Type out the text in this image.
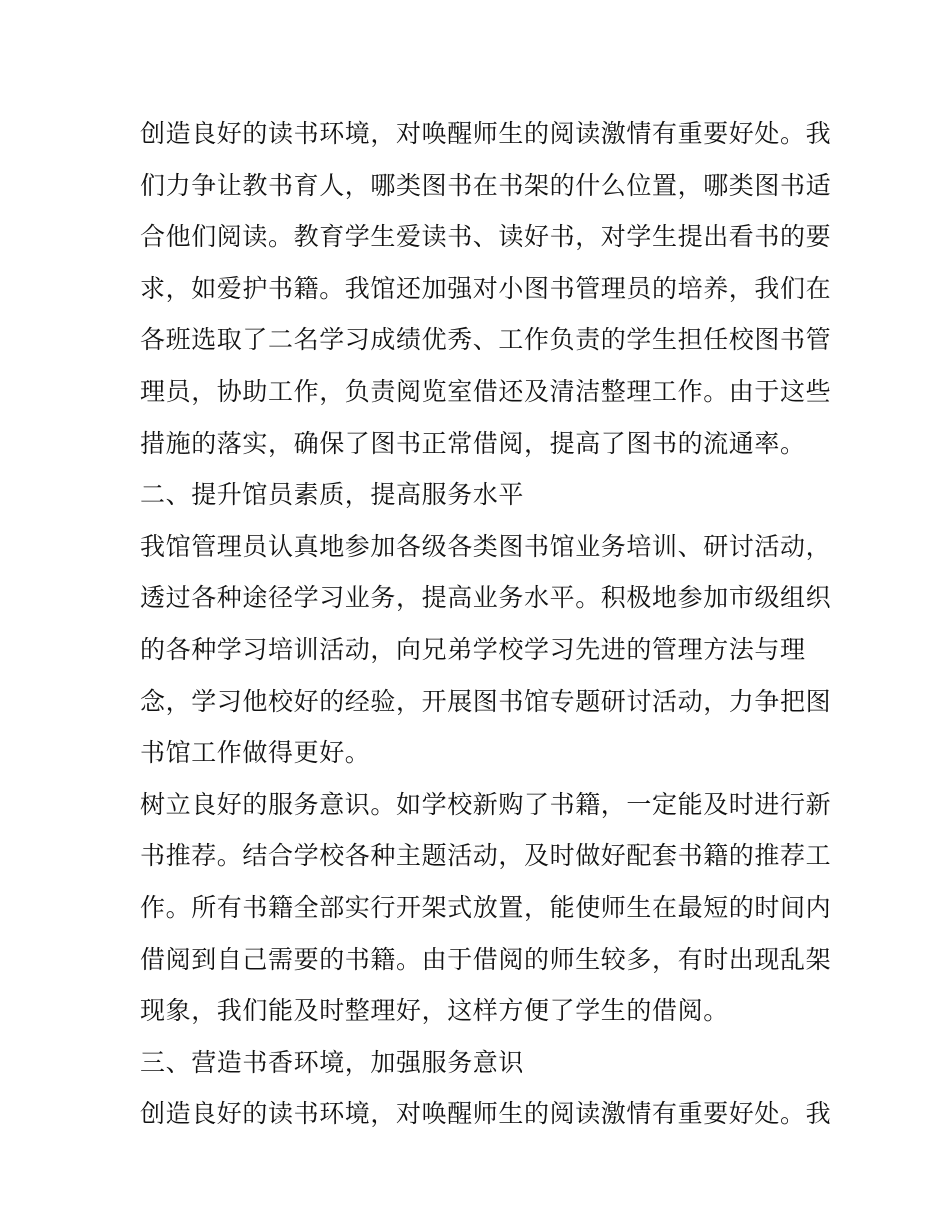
创造良好的读书环境，对唤醒师生的阅读激情有重要好处。我
们力争让教书育人，哪类图书在书架的什么位置，哪类图书适
合他们阅读。教育学生爱读书、读好书，对学生提出看书的要
求，如爱护书籍。我馆还加强对小图书管理员的培养，我们在
各班选取了二名学习成绩优秀、工作负责的学生担任校图书管
理员，协助工作，负责阅览室借还及清洁整理工作。由于这些
措施的落实，确保了图书正常借阅，提高了图书的流通率。
二、提升馆员素质，提高服务水平
我馆管理员认真地参加各级各类图书馆业务培训、研讨活动，
透过各种途径学习业务，提高业务水平。积极地参加市级组织
的各种学习培训活动，向兄弟学校学习先进的管理方法与理
念，学习他校好的经验，开展图书馆专题研讨活动，力争把图
书馆工作做得更好。
树立良好的服务意识。如学校新购了书籍，一定能及时进行新
书推荐。结合学校各种主题活动，及时做好配套书籍的推荐工
作。所有书籍全部实行开架式放置，能使师生在最短的时间内
借阅到自己需要的书籍。由于借阅的师生较多，有时出现乱架
现象，我们能及时整理好，这样方便了学生的借阅。
三、营造书香环境，加强服务意识
创造良好的读书环境，对唤醒师生的阅读激情有重要好处。我
